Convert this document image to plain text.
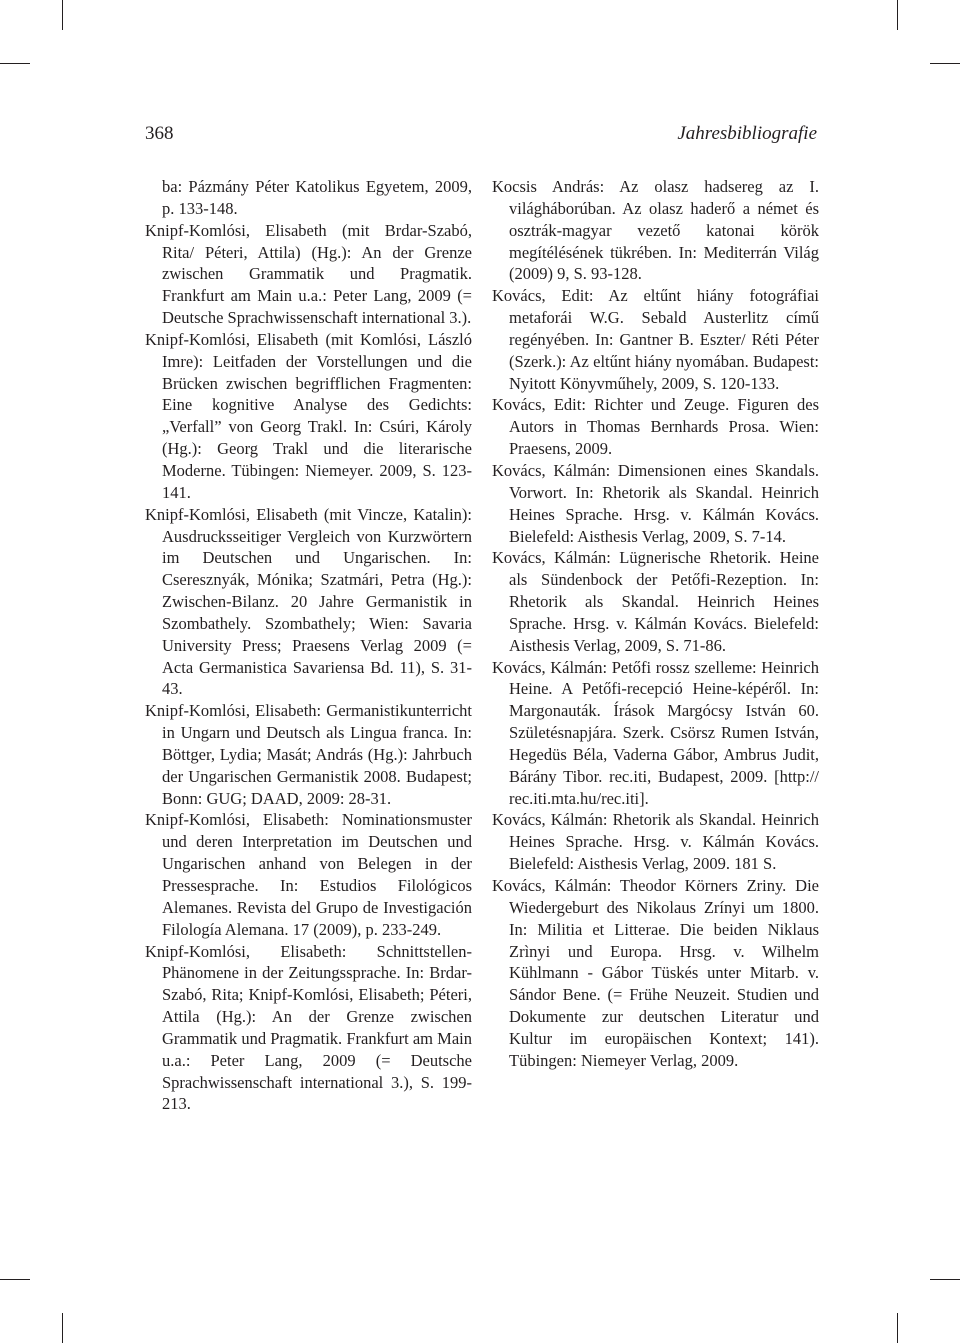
368	Jahresbibliografie
ba: Pázmány Péter Katolikus Egyetem, 2009, p. 133-148.
Knipf-Komlósi, Elisabeth (mit Brdar-Szabó, Rita/ Péteri, Attila) (Hg.): An der Grenze zwischen Grammatik und Pragmatik. Frankfurt am Main u.a.: Peter Lang, 2009 (= Deutsche Sprachwissenschaft international 3.).
Knipf-Komlósi, Elisabeth (mit Komlósi, László Imre): Leitfaden der Vorstellungen und die Brücken zwischen begrifflichen Fragmenten: Eine kognitive Analyse des Gedichts: „Verfall” von Georg Trakl. In: Csúri, Károly (Hg.): Georg Trakl und die literarische Moderne. Tübingen: Niemeyer. 2009, S. 123-141.
Knipf-Komlósi, Elisabeth (mit Vincze, Katalin): Ausdrucksseitiger Vergleich von Kurzwörtern im Deutschen und Ungarischen. In: Cseresznyák, Mónika; Szatmári, Petra (Hg.): Zwischen-Bilanz. 20 Jahre Germanistik in Szombathely. Szombathely; Wien: Savaria University Press; Praesens Verlag 2009 (= Acta Germanistica Savariensa Bd. 11), S. 31-43.
Knipf-Komlósi, Elisabeth: Germanistikunterricht in Ungarn und Deutsch als Lingua franca. In: Böttger, Lydia; Masát; András (Hg.): Jahrbuch der Ungarischen Germanistik 2008. Budapest; Bonn: GUG; DAAD, 2009: 28-31.
Knipf-Komlósi, Elisabeth: Nominationsmuster und deren Interpretation im Deutschen und Ungarischen anhand von Belegen in der Pressesprache. In: Estudios Filológicos Alemanes. Revista del Grupo de Investigación Filología Alemana. 17 (2009), p. 233-249.
Knipf-Komlósi, Elisabeth: Schnittstellen-Phänomene in der Zeitungssprache. In: Brdar-Szabó, Rita; Knipf-Komlósi, Elisabeth; Péteri, Attila (Hg.): An der Grenze zwischen Grammatik und Pragmatik. Frankfurt am Main u.a.: Peter Lang, 2009 (= Deutsche Sprachwissenschaft international 3.), S. 199-213.
Kocsis András: Az olasz hadsereg az I. világháborúban. Az olasz haderő a német és osztrák-magyar vezető katonai körök megítélésének tükrében. In: Mediterrán Világ (2009) 9, S. 93-128.
Kovács, Edit: Az eltűnt hiány fotográfiai metaforái W.G. Sebald Austerlitz című regényében. In: Gantner B. Eszter/ Réti Péter (Szerk.): Az eltűnt hiány nyomában. Budapest: Nyitott Könyvműhely, 2009, S. 120-133.
Kovács, Edit: Richter und Zeuge. Figuren des Autors in Thomas Bernhards Prosa. Wien: Praesens, 2009.
Kovács, Kálmán: Dimensionen eines Skandals. Vorwort. In: Rhetorik als Skandal. Heinrich Heines Sprache. Hrsg. v. Kálmán Kovács. Bielefeld: Aisthesis Verlag, 2009, S. 7-14.
Kovács, Kálmán: Lügnerische Rhetorik. Heine als Sündenbock der Petőfi-Rezeption. In: Rhetorik als Skandal. Heinrich Heines Sprache. Hrsg. v. Kálmán Kovács. Bielefeld: Aisthesis Verlag, 2009, S. 71-86.
Kovács, Kálmán: Petőfi rossz szelleme: Heinrich Heine. A Petőfi-recepció Heine-képéről. In: Margonauták. Írások Margócsy István 60. Születésnapjára. Szerk. Csörsz Rumen István, Hegedüs Béla, Vaderna Gábor, Ambrus Judit, Bárány Tibor. rec.iti, Budapest, 2009. [http:// rec.iti.mta.hu/rec.iti].
Kovács, Kálmán: Rhetorik als Skandal. Heinrich Heines Sprache. Hrsg. v. Kálmán Kovács. Bielefeld: Aisthesis Verlag, 2009. 181 S.
Kovács, Kálmán: Theodor Körners Zriny. Die Wiedergeburt des Nikolaus Zrínyi um 1800. In: Militia et Litterae. Die beiden Niklaus Zrìnyi und Europa. Hrsg. v. Wilhelm Kühlmann - Gábor Tüskés unter Mitarb. v. Sándor Bene. (= Frühe Neuzeit. Studien und Dokumente zur deutschen Literatur und Kultur im europäischen Kontext; 141). Tübingen: Niemeyer Verlag, 2009.
